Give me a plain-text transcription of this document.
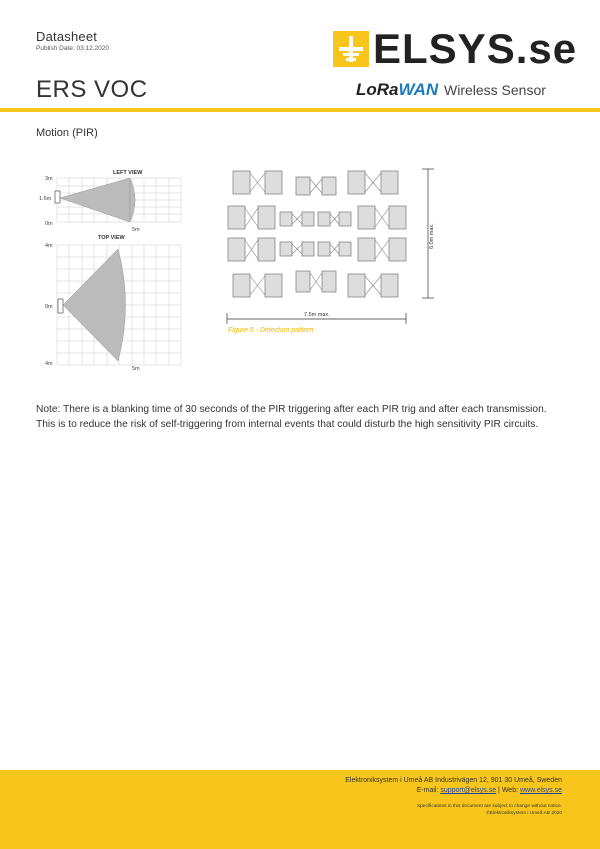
Datasheet
Publish Date: 03.12.2020
ERS VOC
ELSYS.se
LoRaWAN Wireless Sensor
Motion (PIR)
LEFT VIEW
3m
1.6m
0m
5m
TOP VIEW
4m
0m
4m
5m
6.0m max.
7.5m max.
Figure 5 - Detection pattern
Note: There is a blanking time of 30 seconds of the PIR triggering after each PIR trig and after each transmission. This is to reduce the risk of self-triggering from internal events that could disturb the high sensitivity PIR circuits.
Elektroniksystem i Umeå AB Industrivägen 12, 901 30 Umeå, Sweden
E-mail: support@elsys.se | Web: www.elsys.se
Specifications in this document are subject to change without notice.
©Elektroniksystem i Umeå AB 2020
